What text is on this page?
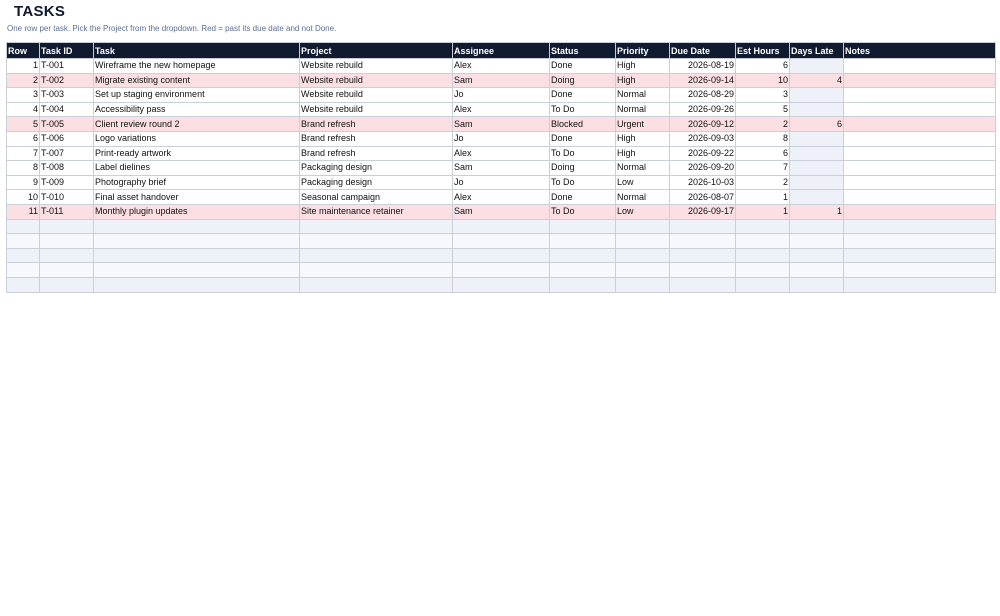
TASKS
One row per task. Pick the Project from the dropdown. Red = past its due date and not Done.
Row	Task ID	Task	Project	Assignee	Status	Priority	Due Date	Est Hours	Days Late	Notes
1	T-001	Wireframe the new homepage	Website rebuild	Alex	Done	High	2026-08-19	6		
2	T-002	Migrate existing content	Website rebuild	Sam	Doing	High	2026-09-14	10	4	
3	T-003	Set up staging environment	Website rebuild	Jo	Done	Normal	2026-08-29	3		
4	T-004	Accessibility pass	Website rebuild	Alex	To Do	Normal	2026-09-26	5		
5	T-005	Client review round 2	Brand refresh	Sam	Blocked	Urgent	2026-09-12	2	6	
6	T-006	Logo variations	Brand refresh	Jo	Done	High	2026-09-03	8		
7	T-007	Print-ready artwork	Brand refresh	Alex	To Do	High	2026-09-22	6		
8	T-008	Label dielines	Packaging design	Sam	Doing	Normal	2026-09-20	7		
9	T-009	Photography brief	Packaging design	Jo	To Do	Low	2026-10-03	2		
10	T-010	Final asset handover	Seasonal campaign	Alex	Done	Normal	2026-08-07	1		
11	T-011	Monthly plugin updates	Site maintenance retainer	Sam	To Do	Low	2026-09-17	1	1	
